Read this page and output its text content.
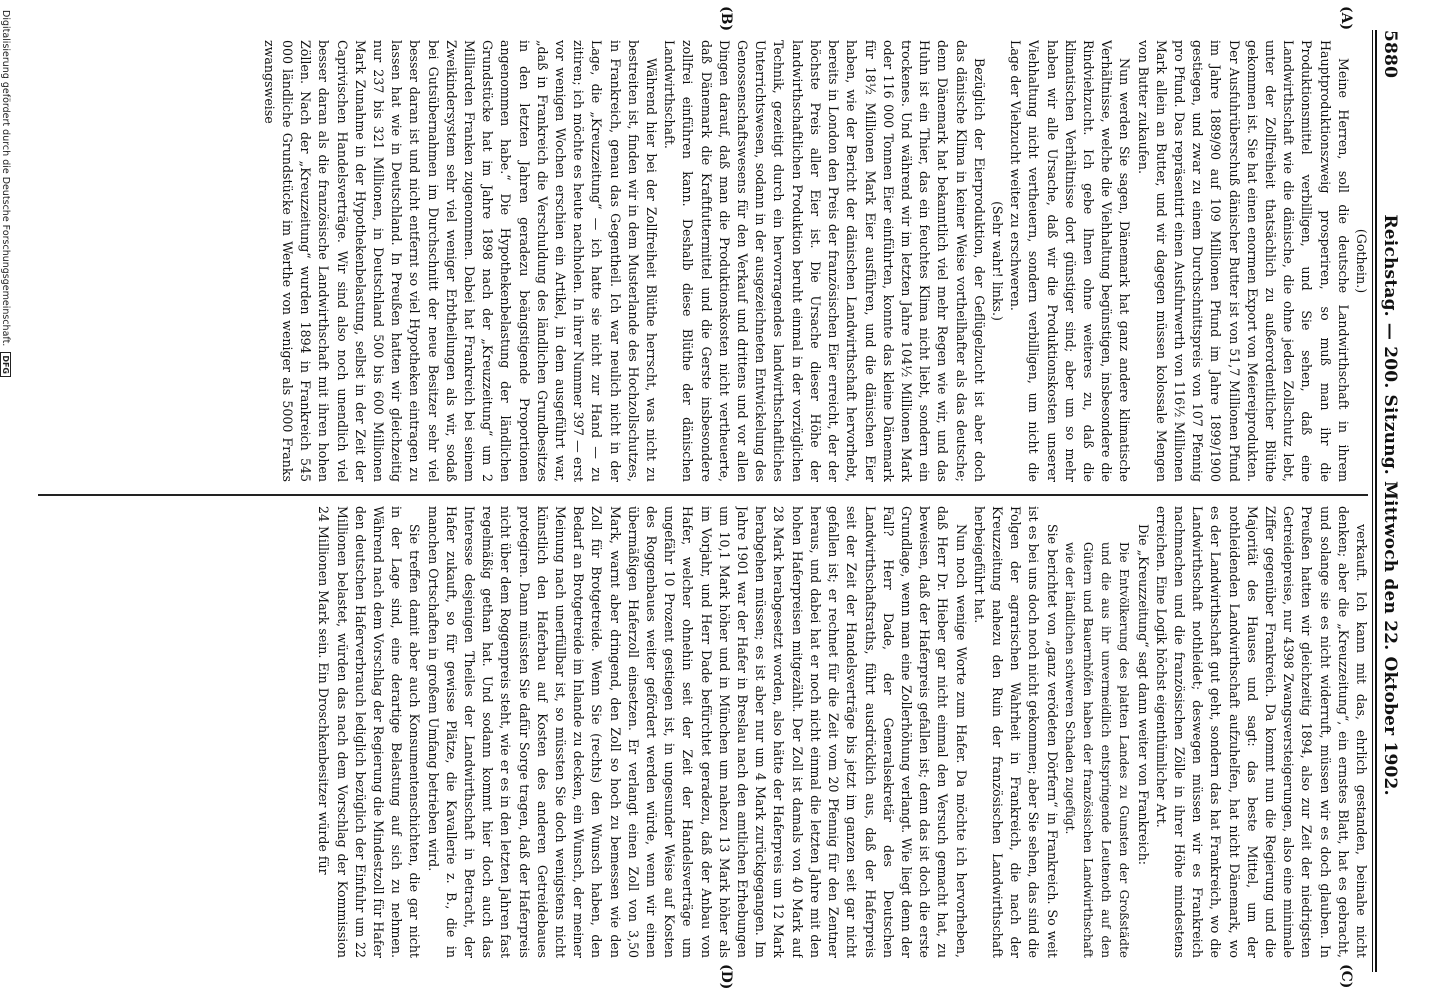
5880
Reichstag. — 200. Sitzung. Mittwoch den 22. Oktober 1902.
(A)
(B)
(C)
(D)

(Gothein.)

Meine Herren, soll die deutsche Landwirthschaft in ihrem Hauptproduktionszweig prosperiren, so muß man ihr die Produktionsmittel verbilligen, und Sie sehen, daß eine Landwirthschaft wie die dänische, die ohne jeden Zollschutz lebt, unter der Zollfreiheit thatsächlich zu außerordentlicher Blüthe gekommen ist. Sie hat einen enormen Export von Meiereiprodukten. Der Ausfuhrüberschuß dänischer Butter ist von 51,7 Millionen Pfund im Jahre 1889/90 auf 109 Millionen Pfund im Jahre 1899/1900 gestiegen, und zwar zu einem Durchschnittspreis von 107 Pfennig pro Pfund. Das repräsentirt einen Ausfuhrwerth von 116½ Millionen Mark allein an Butter, und wir dagegen müssen kolossale Mengen von Butter zukaufen.

Nun werden Sie sagen, Dänemark hat ganz andere klimatische Verhältnisse, welche die Viehhaltung begünstigen, insbesondere die Rindviehzucht. Ich gebe Ihnen ohne weiteres zu, daß die klimatischen Verhältnisse dort günstiger sind; aber um so mehr haben wir alle Ursache, daß wir die Produktionskosten unserer Viehhaltung nicht vertheuern, sondern verbilligen, um nicht die Lage der Viehzucht weiter zu erschweren.

(Sehr wahr! links.)

Bezüglich der Eierproduktion, der Geflügelzucht ist aber doch das dänische Klima in keiner Weise vortheilhafter als das deutsche; denn Dänemark hat bekanntlich viel mehr Regen wie wir, und das Huhn ist ein Thier, das ein feuchtes Klima nicht liebt, sondern ein trockenes. Und während wir im letzten Jahre 104½ Millionen Mark oder 116 000 Tonnen Eier einführten, konnte das kleine Dänemark für 18½ Millionen Mark Eier ausführen, und die dänischen Eier haben, wie der Bericht der dänischen Landwirthschaft hervorhebt, bereits in London den Preis der französischen Eier erreicht, der der höchste Preis aller Eier ist. Die Ursache dieser Höhe der landwirthschaftlichen Produktion beruht einmal in der vorzüglichen Technik, gezeitigt durch ein hervorragendes landwirthschaftliches Unterrichtswesen, sodann in der ausgezeichneten Entwickelung des Genossenschaftswesens für den Verkauf und drittens und vor allen Dingen darauf, daß man die Produktionskosten nicht vertheuerte, daß Dänemark die Kraftfuttermittel und die Gerste insbesondere zollfrei einführen kann. Deshalb diese Blüthe der dänischen Landwirthschaft.

Während hier bei der Zollfreiheit Blüthe herrscht, was nicht zu bestreiten ist, finden wir in dem Musterlande des Hochzollschutzes, in Frankreich, genau das Gegentheil. Ich war neulich nicht in der Lage, die „Kreuzzeitung“ — ich hatte sie nicht zur Hand — zu zitiren; ich möchte es heute nachholen. In ihrer Nummer 397 — erst vor wenigen Wochen erschien ein Artikel, in dem ausgeführt war, „daß in Frankreich die Verschuldung des ländlichen Grundbesitzes in den letzten Jahren geradezu beängstigende Proportionen angenommen habe.“ Die Hypothekenbelastung der ländlichen Grundstücke hat im Jahre 1898 nach der „Kreuzzeitung“ um 2 Milliarden Franken zugenommen. Dabei hat Frankreich bei seinem Zweikindersystem sehr viel weniger Erbtheilungen als wir, sodaß bei Gutsübernahmen im Durchschnitt der neue Besitzer sehr viel besser daran ist und nicht entfernt so viel Hypotheken eintragen zu lassen hat wie in Deutschland. In Preußen hatten wir gleichzeitig nur 237 bis 321 Millionen, in Deutschland 500 bis 600 Millionen Mark Zunahme in der Hypothekenbelastung, selbst in der Zeit der Caprivischen Handelsverträge. Wir sind also noch unendlich viel besser daran als die französische Landwirthschaft mit ihren hohen Zöllen. Nach der „Kreuzzeitung“ wurden 1894 in Frankreich 545 000 ländliche Grundstücke im Werthe von weniger als 5000 Franks zwangsweise

verkauft. Ich kann mit das, ehrlich gestanden, beinahe nicht denken; aber die „Kreuzzeitung“, ein ernstes Blatt, hat es gebracht, und solange sie es nicht widerruft, müssen wir es doch glauben. In Preußen hatten wir gleichzeitig 1894, also zur Zeit der niedrigsten Getreidepreise, nur 4398 Zwangsversteigerungen, also eine minimale Ziffer gegenüber Frankreich. Da kommt nun die Regierung und die Majorität des Hauses und sagt: das beste Mittel, um der nothleidenden Landwirthschaft aufzuhelfen, hat nicht Dänemark, wo es der Landwirthschaft gut geht, sondern das hat Frankreich, wo die Landwirthschaft nothleidet; deswegen müssen wir es Frankreich nachmachen und die französischen Zölle in ihrer Höhe mindestens erreichen. Eine Logik höchst eigenthümlicher Art.

Die „Kreuzzeitung“ sagt dann weiter von Frankreich:

Die Entvölkerung des platten Landes zu Gunsten der Großstädte und die aus ihr unvermeidlich entspringende Leutenoth auf den Gütern und Bauernhöfen haben der französischen Landwirthschaft wie der ländlichen schweren Schaden zugefügt.

Sie berichtet von „ganz verödeten Dörfern“ in Frankreich. So weit ist es bei uns doch noch nicht gekommen; aber Sie sehen, das sind die Folgen der agrarischen Wahrheit in Frankreich, die nach der Kreuzzeitung nahezu den Ruin der französischen Landwirthschaft herbeigeführt hat.

Nun noch wenige Worte zum Hafer. Da möchte ich hervorheben, daß Herr Dr. Hieber gar nicht einmal den Versuch gemacht hat, zu beweisen, daß der Haferpreis gefallen ist; denn das ist doch die erste Grundlage, wenn man eine Zollerhöhung verlangt. Wie liegt denn der Fall? Herr Dade, der Generalsekretär des Deutschen Landwirthschaftsraths, führt ausdrücklich aus, daß der Haferpreis seit der Zeit der Handelsverträge bis jetzt im ganzen seit gar nicht gefallen ist; er rechnet für die Zeit vom 20 Pfennig für den Zentner heraus, und dabei hat er noch nicht einmal die letzten Jahre mit den hohen Haferpreisen mitgezählt. Der Zoll ist damals von 40 Mark auf 28 Mark herabgesetzt worden, also hätte der Haferpreis um 12 Mark herabgehen müssen; es ist aber nur um 4 Mark zurückgegangen. Im Jahre 1901 war der Hafer in Breslau nach den amtlichen Erhebungen um 10,1 Mark höher und in München um nahezu 13 Mark höher als im Vorjahr, und Herr Dade befürchtet geradezu, daß der Anbau von Hafer, welcher ohnehin seit der Zeit der Handelsverträge um ungefähr 10 Prozent gestiegen ist, in ungesunder Weise auf Kosten des Roggenbaues weiter gefördert werden würde, wenn wir einen übermäßigen Haferzoll einsetzen. Er verlangt einen Zoll von 3,50 Mark, warnt aber dringend, den Zoll so hoch zu bemessen wie den Zoll für Brotgetreide. Wenn Sie (rechts) den Wunsch haben, den Bedarf an Brotgetreide im Inlande zu decken, ein Wunsch, der meiner Meinung nach unerfüllbar ist, so müssten Sie doch wenigstens nicht künstlich den Haferbau auf Kosten des anderen Getreidebaues protegiren. Dann müssten Sie dafür Sorge tragen, daß der Haferpreis nicht über dem Roggenpreis steht, wie er es in den letzten Jahren fast regelmäßig gethan hat. Und sodann kommt hier doch auch das Interesse desjenigen Theiles der Landwirthschaft in Betracht, der Hafer zukauft, so für gewisse Plätze, die Kavallerie z. B., die in manchen Ortschaften in großem Umfang betrieben wird.

Sie treffen damit aber auch Konsumentenschichten, die gar nicht in der Lage sind, eine derartige Belastung auf sich zu nehmen. Während nach dem Vorschlag der Regierung die Mindestzoll für Hafer den deutschen Haferverbrauch lediglich bezüglich der Einfuhr um 22 Millionen belastet, würden das nach dem Vorschlag der Kommission 24 Millionen Mark sein. Ein Droschkenbesitzer würde für

Digitalisierung gefördert durch die Deutsche Forschungsgemeinschaft.
DFG
